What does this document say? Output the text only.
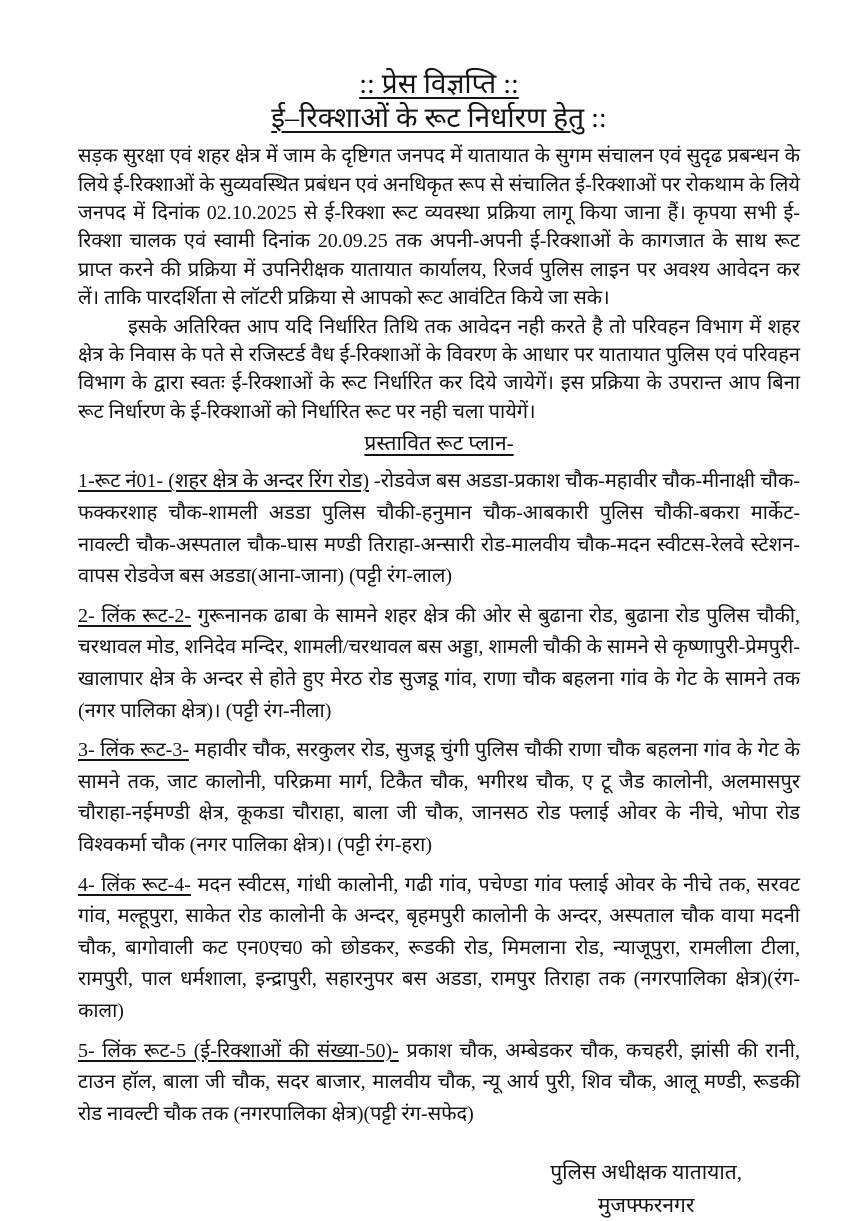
:: प्रेस विज्ञप्ति ::
ई–रिक्शाओं के रूट निर्धारण हेतु ::

सड़क सुरक्षा एवं शहर क्षेत्र में जाम के दृष्टिगत जनपद में यातायात के सुगम संचालन एवं सुदृढ प्रबन्धन के लिये ई-रिक्शाओं के सुव्यवस्थित प्रबंधन एवं अनधिकृत रूप से संचालित ई-रिक्शाओं पर रोकथाम के लिये जनपद में दिनांक 02.10.2025 से ई-रिक्शा रूट व्यवस्था प्रक्रिया लागू किया जाना हैं। कृपया सभी ई-रिक्शा चालक एवं स्वामी दिनांक 20.09.25 तक अपनी-अपनी ई-रिक्शाओं के कागजात के साथ रूट प्राप्त करने की प्रक्रिया में उपनिरीक्षक यातायात कार्यालय, रिजर्व पुलिस लाइन पर अवश्य आवेदन कर लें। ताकि पारदर्शिता से लॉटरी प्रक्रिया से आपको रूट आवंटित किये जा सके।

इसके अतिरिक्त आप यदि निर्धारित तिथि तक आवेदन नही करते है तो परिवहन विभाग में शहर क्षेत्र के निवास के पते से रजिस्टर्ड वैध ई-रिक्शाओं के विवरण के आधार पर यातायात पुलिस एवं परिवहन विभाग के द्वारा स्वतः ई-रिक्शाओं के रूट निर्धारित कर दिये जायेगें। इस प्रक्रिया के उपरान्त आप बिना रूट निर्धारण के ई-रिक्शाओं को निर्धारित रूट पर नही चला पायेगें।

प्रस्तावित रूट प्लान-

1-रूट नं01- (शहर क्षेत्र के अन्दर रिंग रोड) -रोडवेज बस अडडा-प्रकाश चौक-महावीर चौक-मीनाक्षी चौक-फक्करशाह चौक-शामली अडडा पुलिस चौकी-हनुमान चौक-आबकारी पुलिस चौकी-बकरा मार्केट-नावल्टी चौक-अस्पताल चौक-घास मण्डी तिराहा-अन्सारी रोड-मालवीय चौक-मदन स्वीटस-रेलवे स्टेशन-वापस रोडवेज बस अडडा(आना-जाना) (पट्टी रंग-लाल)

2- लिंक रूट-2- गुरूनानक ढाबा के सामने शहर क्षेत्र की ओर से बुढाना रोड, बुढाना रोड पुलिस चौकी, चरथावल मोड, शनिदेव मन्दिर, शामली/चरथावल बस अड्डा, शामली चौकी के सामने से कृष्णापुरी-प्रेमपुरी-खालापार क्षेत्र के अन्दर से होते हुए मेरठ रोड सुजडू गांव, राणा चौक बहलना गांव के गेट के सामने तक (नगर पालिका क्षेत्र)। (पट्टी रंग-नीला)

3- लिंक रूट-3- महावीर चौक, सरकुलर रोड, सुजडू चुंगी पुलिस चौकी राणा चौक बहलना गांव के गेट के सामने तक, जाट कालोनी, परिक्रमा मार्ग, टिकैत चौक, भगीरथ चौक, ए टू जैड कालोनी, अलमासपुर चौराहा-नईमण्डी क्षेत्र, कूकडा चौराहा, बाला जी चौक, जानसठ रोड फ्लाई ओवर के नीचे, भोपा रोड विश्वकर्मा चौक (नगर पालिका क्षेत्र)। (पट्टी रंग-हरा)

4- लिंक रूट-4- मदन स्वीटस, गांधी कालोनी, गढी गांव, पचेण्डा गांव फ्लाई ओवर के नीचे तक, सरवट गांव, मल्हूपुरा, साकेत रोड कालोनी के अन्दर, बृहमपुरी कालोनी के अन्दर, अस्पताल चौक वाया मदनी चौक, बागोवाली कट एन0एच0 को छोडकर, रूडकी रोड, मिमलाना रोड, न्याजूपुरा, रामलीला टीला, रामपुरी, पाल धर्मशाला, इन्द्रापुरी, सहारनुपर बस अडडा, रामपुर तिराहा तक (नगरपालिका क्षेत्र)(रंग-काला)

5- लिंक रूट-5 (ई-रिक्शाओं की संख्या-50)- प्रकाश चौक, अम्बेडकर चौक, कचहरी, झांसी की रानी, टाउन हॉल, बाला जी चौक, सदर बाजार, मालवीय चौक, न्यू आर्य पुरी, शिव चौक, आलू मण्डी, रूडकी रोड नावल्टी चौक तक (नगरपालिका क्षेत्र)(पट्टी रंग-सफेद)

पुलिस अधीक्षक यातायात,
मुजफ्फरनगर
